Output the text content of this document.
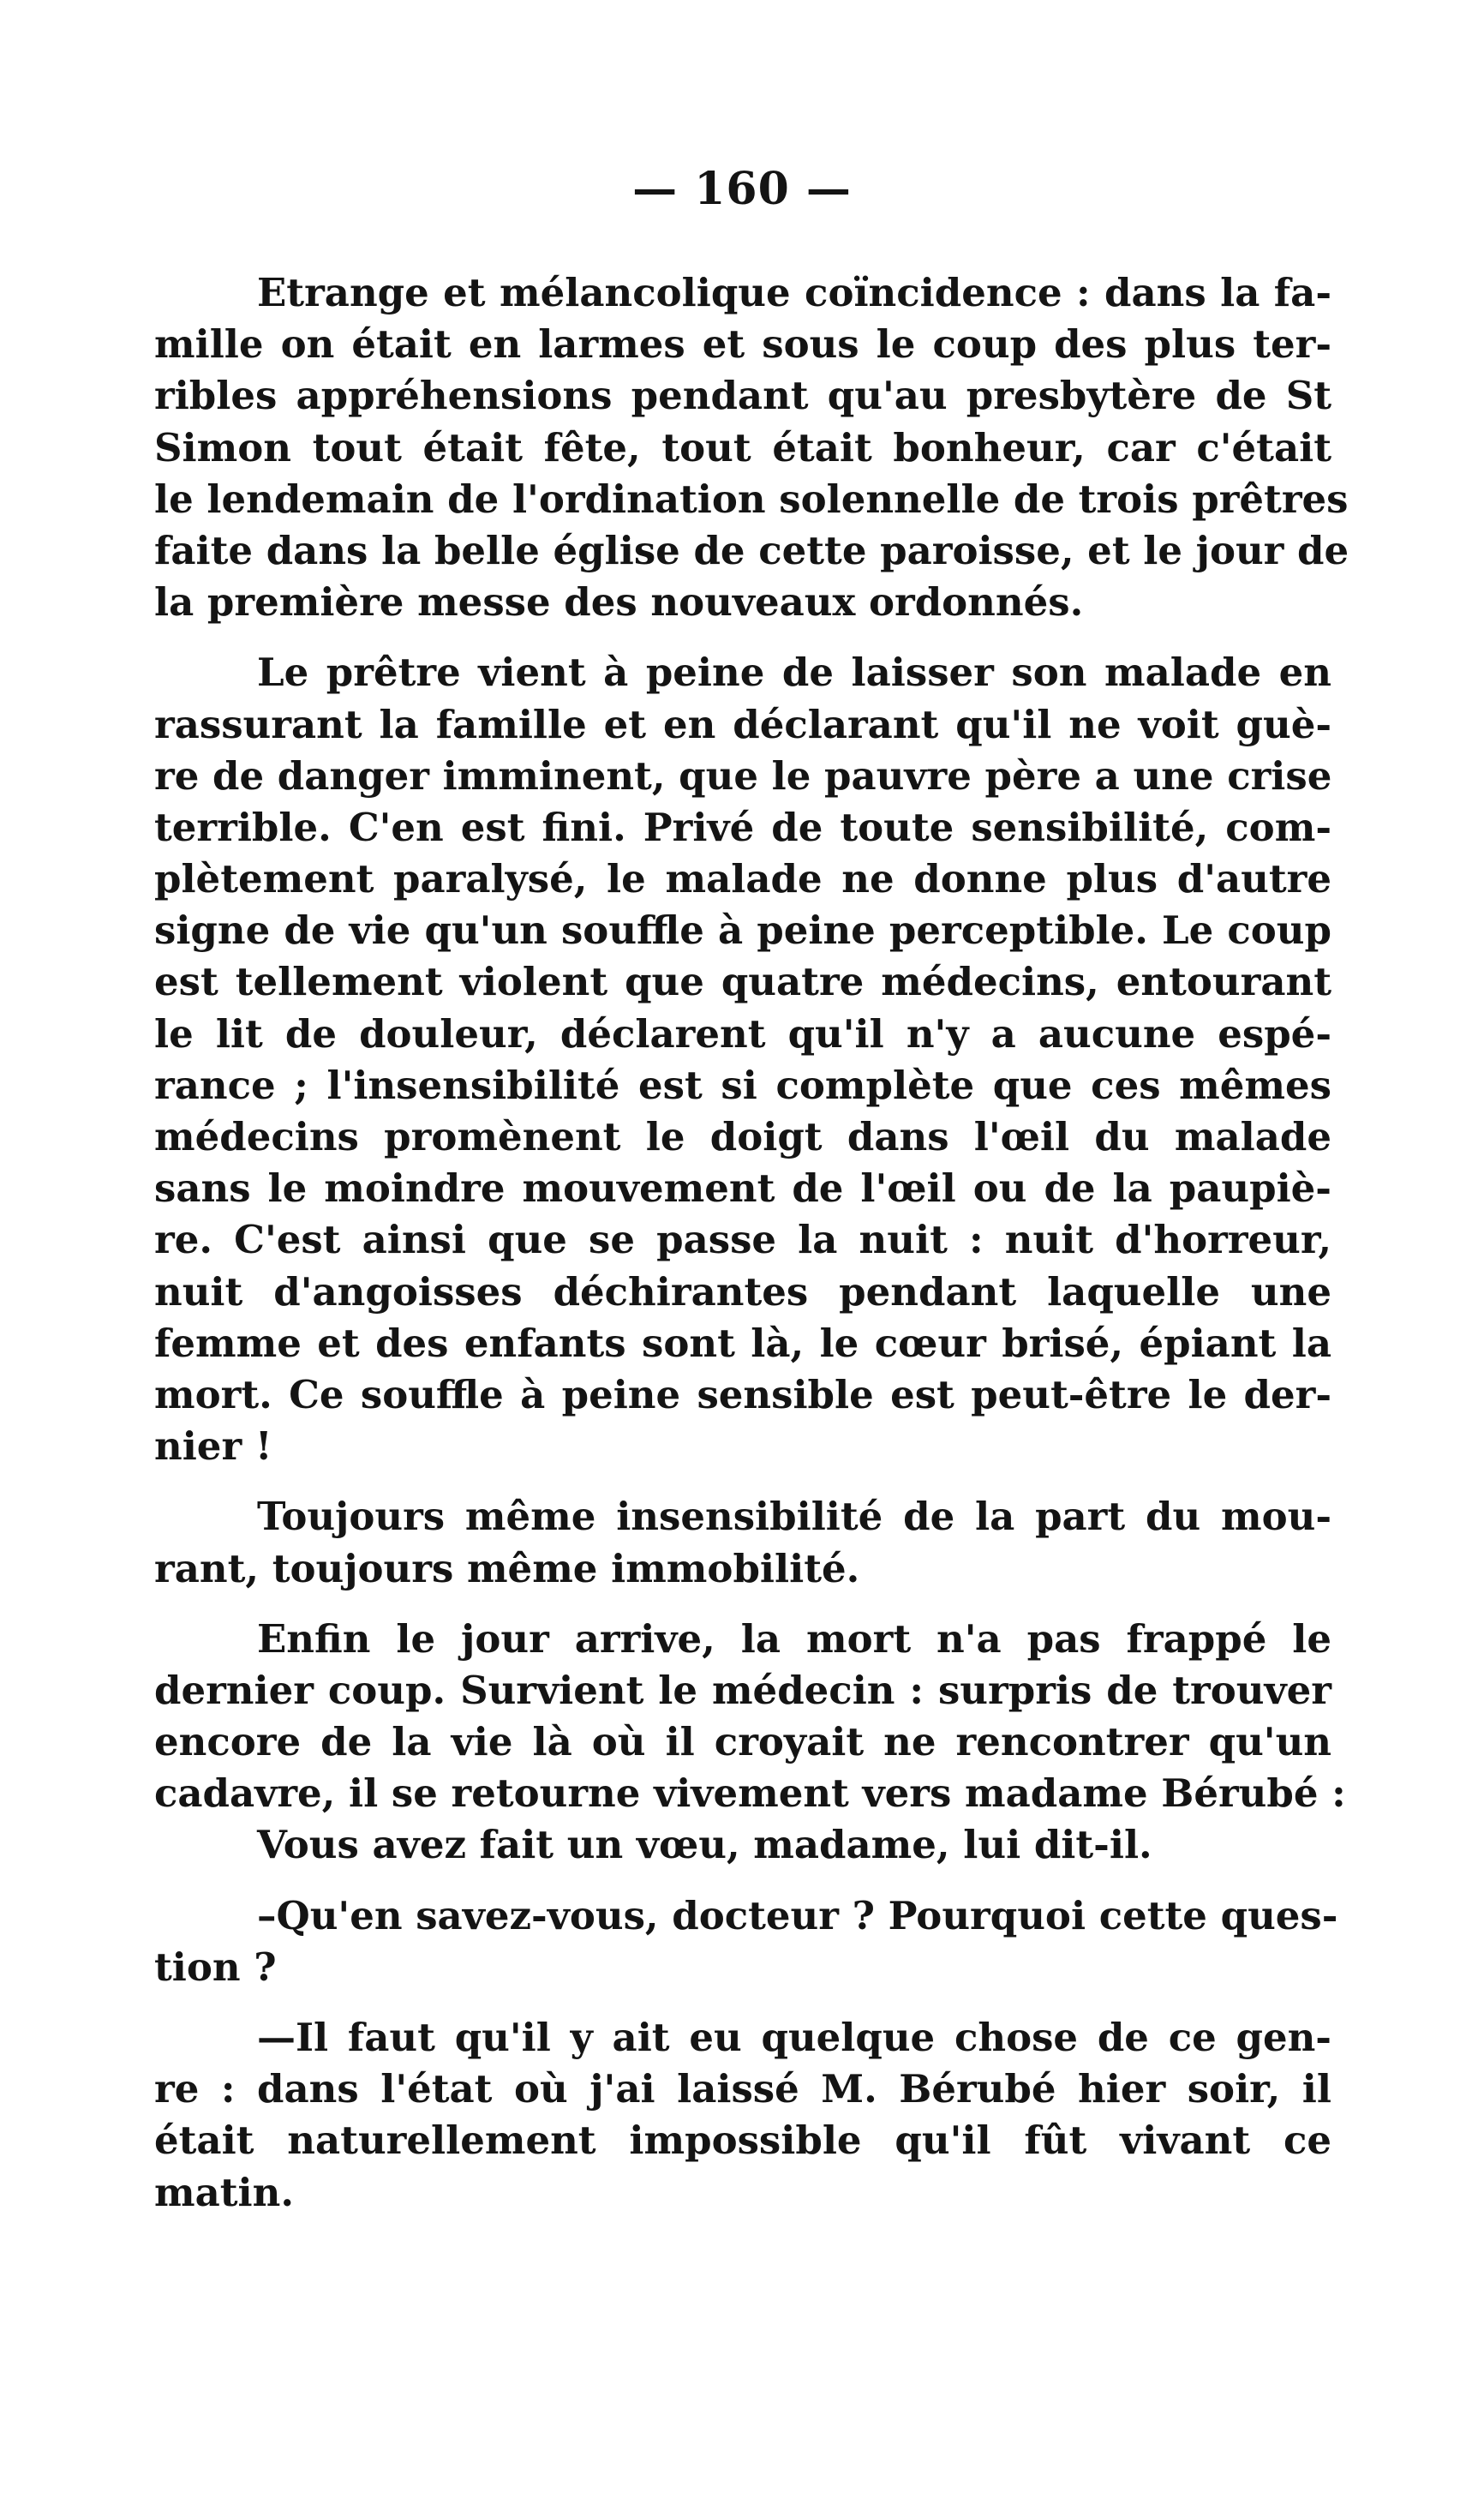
— 160 —
Etrange et mélancolique coïncidence : dans la fa-
mille on était en larmes et sous le coup des plus ter-
ribles appréhensions pendant qu'au presbytère de St
Simon tout était fête, tout était bonheur, car c'était
le lendemain de l'ordination solennelle de trois prêtres
faite dans la belle église de cette paroisse, et le jour de
la première messe des nouveaux ordonnés.
Le prêtre vient à peine de laisser son malade en
rassurant la famille et en déclarant qu'il ne voit guè-
re de danger imminent, que le pauvre père a une crise
terrible. C'en est fini. Privé de toute sensibilité, com-
plètement paralysé, le malade ne donne plus d'autre
signe de vie qu'un souffle à peine perceptible. Le coup
est tellement violent que quatre médecins, entourant
le lit de douleur, déclarent qu'il n'y a aucune espé-
rance ; l'insensibilité est si complète que ces mêmes
médecins promènent le doigt dans l'œil du malade
sans le moindre mouvement de l'œil ou de la paupiè-
re. C'est ainsi que se passe la nuit : nuit d'horreur,
nuit d'angoisses déchirantes pendant laquelle une
femme et des enfants sont là, le cœur brisé, épiant la
mort. Ce souffle à peine sensible est peut-être le der-
nier !
Toujours même insensibilité de la part du mou-
rant, toujours même immobilité.
Enfin le jour arrive, la mort n'a pas frappé le
dernier coup. Survient le médecin : surpris de trouver
encore de la vie là où il croyait ne rencontrer qu'un
cadavre, il se retourne vivement vers madame Bérubé :
Vous avez fait un vœu, madame, lui dit-il.
–Qu'en savez-vous, docteur ? Pourquoi cette ques-
tion ?
—Il faut qu'il y ait eu quelque chose de ce gen-
re : dans l'état où j'ai laissé M. Bérubé hier soir, il
était naturellement impossible qu'il fût vivant ce
matin.
